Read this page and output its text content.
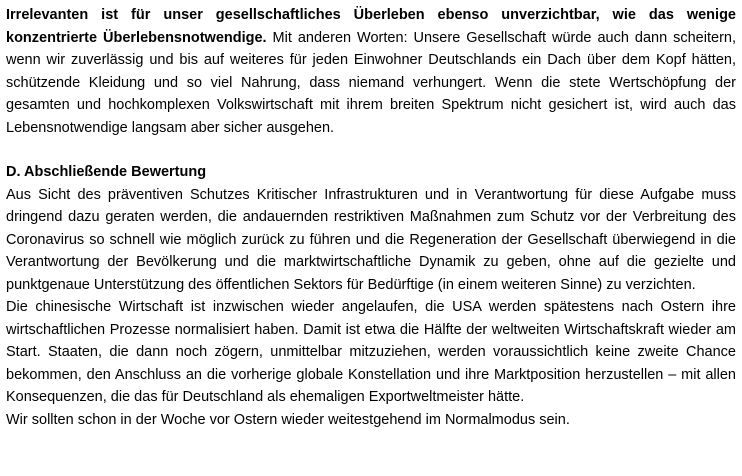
Irrelevanten ist für unser gesellschaftliches Überleben ebenso unverzichtbar, wie das wenige konzentrierte Überlebensnotwendige. Mit anderen Worten: Unsere Gesellschaft würde auch dann scheitern, wenn wir zuverlässig und bis auf weiteres für jeden Einwohner Deutschlands ein Dach über dem Kopf hätten, schützende Kleidung und so viel Nahrung, dass niemand verhungert. Wenn die stete Wertschöpfung der gesamten und hochkomplexen Volkswirtschaft mit ihrem breiten Spektrum nicht gesichert ist, wird auch das Lebensnotwendige langsam aber sicher ausgehen.

D. Abschließende Bewertung

Aus Sicht des präventiven Schutzes Kritischer Infrastrukturen und in Verantwortung für diese Aufgabe muss dringend dazu geraten werden, die andauernden restriktiven Maßnahmen zum Schutz vor der Verbreitung des Coronavirus so schnell wie möglich zurück zu führen und die Regeneration der Gesellschaft überwiegend in die Verantwortung der Bevölkerung und die marktwirtschaftliche Dynamik zu geben, ohne auf die gezielte und punktgenaue Unterstützung des öffentlichen Sektors für Bedürftige (in einem weiteren Sinne) zu verzichten.

Die chinesische Wirtschaft ist inzwischen wieder angelaufen, die USA werden spätestens nach Ostern ihre wirtschaftlichen Prozesse normalisiert haben. Damit ist etwa die Hälfte der weltweiten Wirtschaftskraft wieder am Start. Staaten, die dann noch zögern, unmittelbar mitzuziehen, werden voraussichtlich keine zweite Chance bekommen, den Anschluss an die vorherige globale Konstellation und ihre Marktposition herzustellen – mit allen Konsequenzen, die das für Deutschland als ehemaligen Exportweltmeister hätte.

Wir sollten schon in der Woche vor Ostern wieder weitestgehend im Normalmodus sein.
